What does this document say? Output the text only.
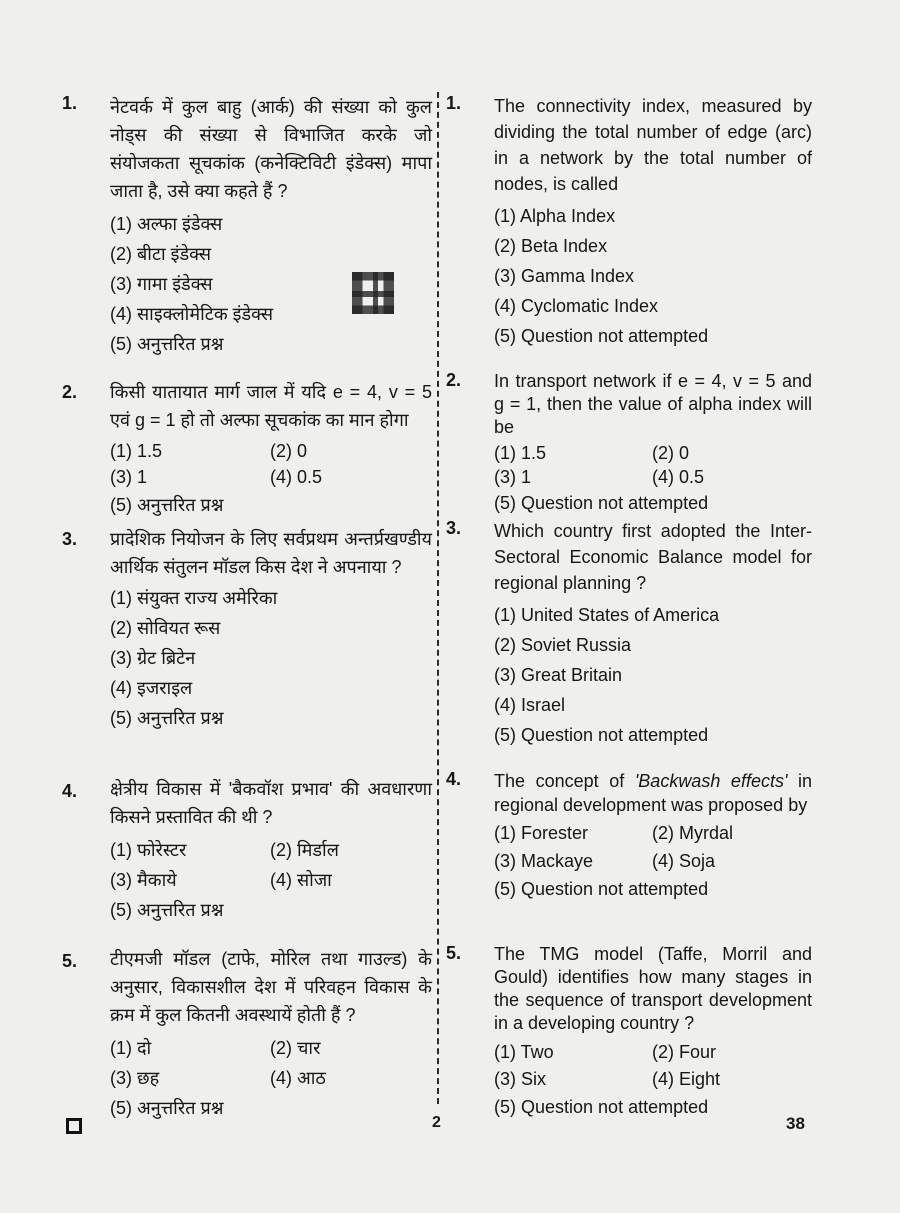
1. नेटवर्क में कुल बाहु (आर्क) की संख्या को कुल नोड्स की संख्या से विभाजित करके जो संयोजकता सूचकांक (कनेक्टिविटी इंडेक्स) मापा जाता है, उसे क्या कहते हैं ?
(1) अल्फा इंडेक्स
(2) बीटा इंडेक्स
(3) गामा इंडेक्स
(4) साइक्लोमेटिक इंडेक्स
(5) अनुत्तरित प्रश्न
2. किसी यातायात मार्ग जाल में यदि e = 4, v = 5 एवं g = 1 हो तो अल्फा सूचकांक का मान होगा
(1) 1.5	(2) 0
(3) 1	(4) 0.5
(5) अनुत्तरित प्रश्न
3. प्रादेशिक नियोजन के लिए सर्वप्रथम अन्तर्प्रखण्डीय आर्थिक संतुलन मॉडल किस देश ने अपनाया ?
(1) संयुक्त राज्य अमेरिका
(2) सोवियत रूस
(3) ग्रेट ब्रिटेन
(4) इजराइल
(5) अनुत्तरित प्रश्न
4. क्षेत्रीय विकास में 'बैकवॉश प्रभाव' की अवधारणा किसने प्रस्तावित की थी ?
(1) फोरेस्टर	(2) मिर्डाल
(3) मैकाये	(4) सोजा
(5) अनुत्तरित प्रश्न
5. टीएमजी मॉडल (टाफे, मोरिल तथा गाउल्ड) के अनुसार, विकासशील देश में परिवहन विकास के क्रम में कुल कितनी अवस्थायें होती हैं ?
(1) दो	(2) चार
(3) छह	(4) आठ
(5) अनुत्तरित प्रश्न
1. The connectivity index, measured by dividing the total number of edge (arc) in a network by the total number of nodes, is called
(1) Alpha Index
(2) Beta Index
(3) Gamma Index
(4) Cyclomatic Index
(5) Question not attempted
2. In transport network if e = 4, v = 5 and g = 1, then the value of alpha index will be
(1) 1.5	(2) 0
(3) 1	(4) 0.5
(5) Question not attempted
3. Which country first adopted the Inter-Sectoral Economic Balance model for regional planning ?
(1) United States of America
(2) Soviet Russia
(3) Great Britain
(4) Israel
(5) Question not attempted
4. The concept of 'Backwash effects' in regional development was proposed by
(1) Forester	(2) Myrdal
(3) Mackaye	(4) Soja
(5) Question not attempted
5. The TMG model (Taffe, Morril and Gould) identifies how many stages in the sequence of transport development in a developing country ?
(1) Two	(2) Four
(3) Six	(4) Eight
(5) Question not attempted
2	38
